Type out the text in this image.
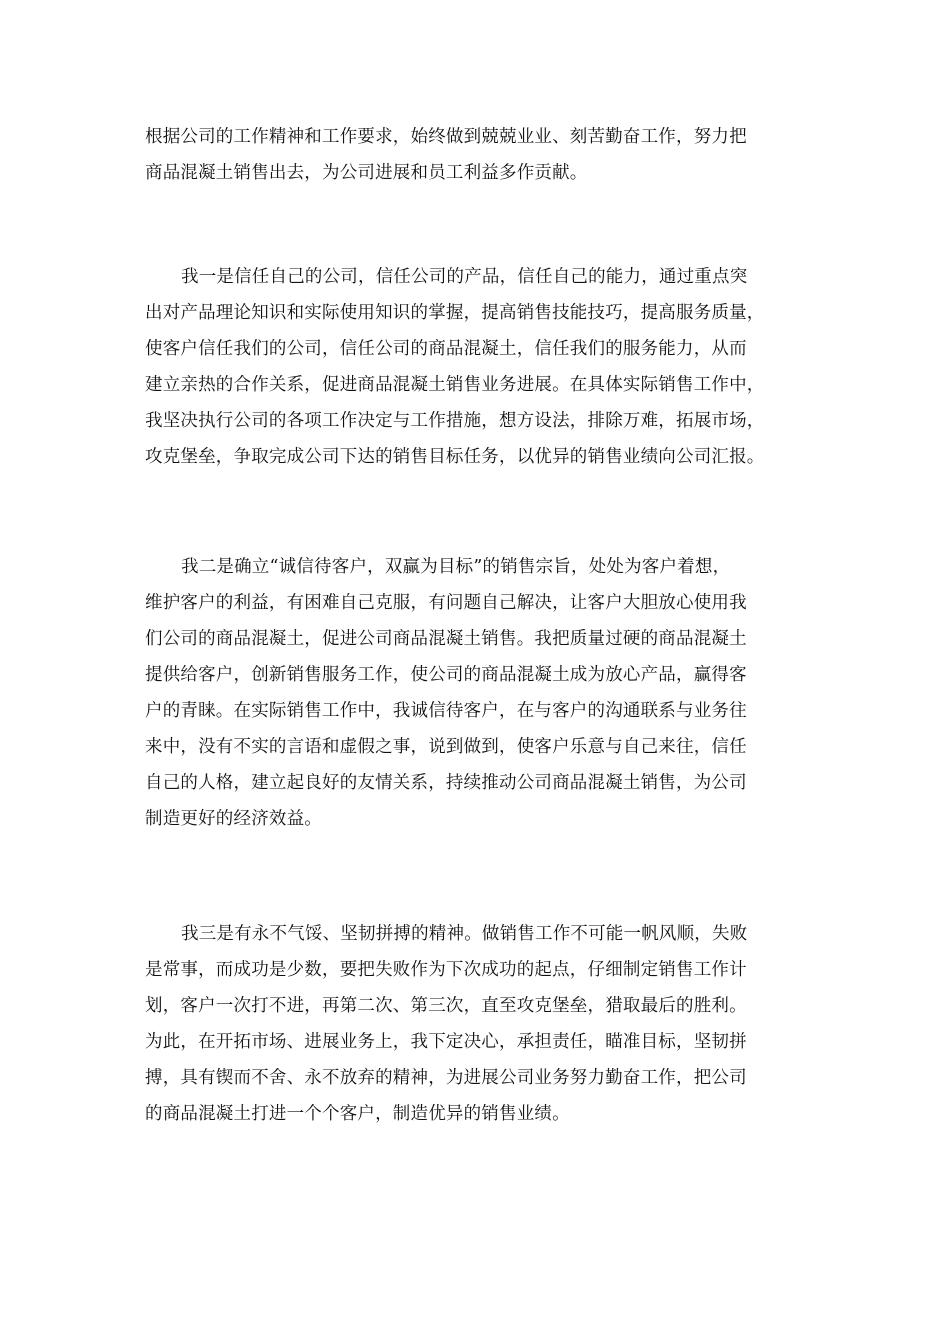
根据公司的工作精神和工作要求，始终做到兢兢业业、刻苦勤奋工作，努力把
商品混凝土销售出去，为公司进展和员工利益多作贡献。

我一是信任自己的公司，信任公司的产品，信任自己的能力，通过重点突
出对产品理论知识和实际使用知识的掌握，提高销售技能技巧，提高服务质量，
使客户信任我们的公司，信任公司的商品混凝土，信任我们的服务能力，从而
建立亲热的合作关系，促进商品混凝土销售业务进展。在具体实际销售工作中，
我坚决执行公司的各项工作决定与工作措施，想方设法，排除万难，拓展市场，
攻克堡垒，争取完成公司下达的销售目标任务，以优异的销售业绩向公司汇报。

我二是确立“诚信待客户，双赢为目标”的销售宗旨，处处为客户着想，
维护客户的利益，有困难自己克服，有问题自己解决，让客户大胆放心使用我
们公司的商品混凝土，促进公司商品混凝土销售。我把质量过硬的商品混凝土
提供给客户，创新销售服务工作，使公司的商品混凝土成为放心产品，赢得客
户的青睐。在实际销售工作中，我诚信待客户，在与客户的沟通联系与业务往
来中，没有不实的言语和虚假之事，说到做到，使客户乐意与自己来往，信任
自己的人格，建立起良好的友情关系，持续推动公司商品混凝土销售，为公司
制造更好的经济效益。

我三是有永不气馁、坚韧拼搏的精神。做销售工作不可能一帆风顺，失败
是常事，而成功是少数，要把失败作为下次成功的起点，仔细制定销售工作计
划，客户一次打不进，再第二次、第三次，直至攻克堡垒，猎取最后的胜利。
为此，在开拓市场、进展业务上，我下定决心，承担责任，瞄准目标，坚韧拼
搏，具有锲而不舍、永不放弃的精神，为进展公司业务努力勤奋工作，把公司
的商品混凝土打进一个个客户，制造优异的销售业绩。
